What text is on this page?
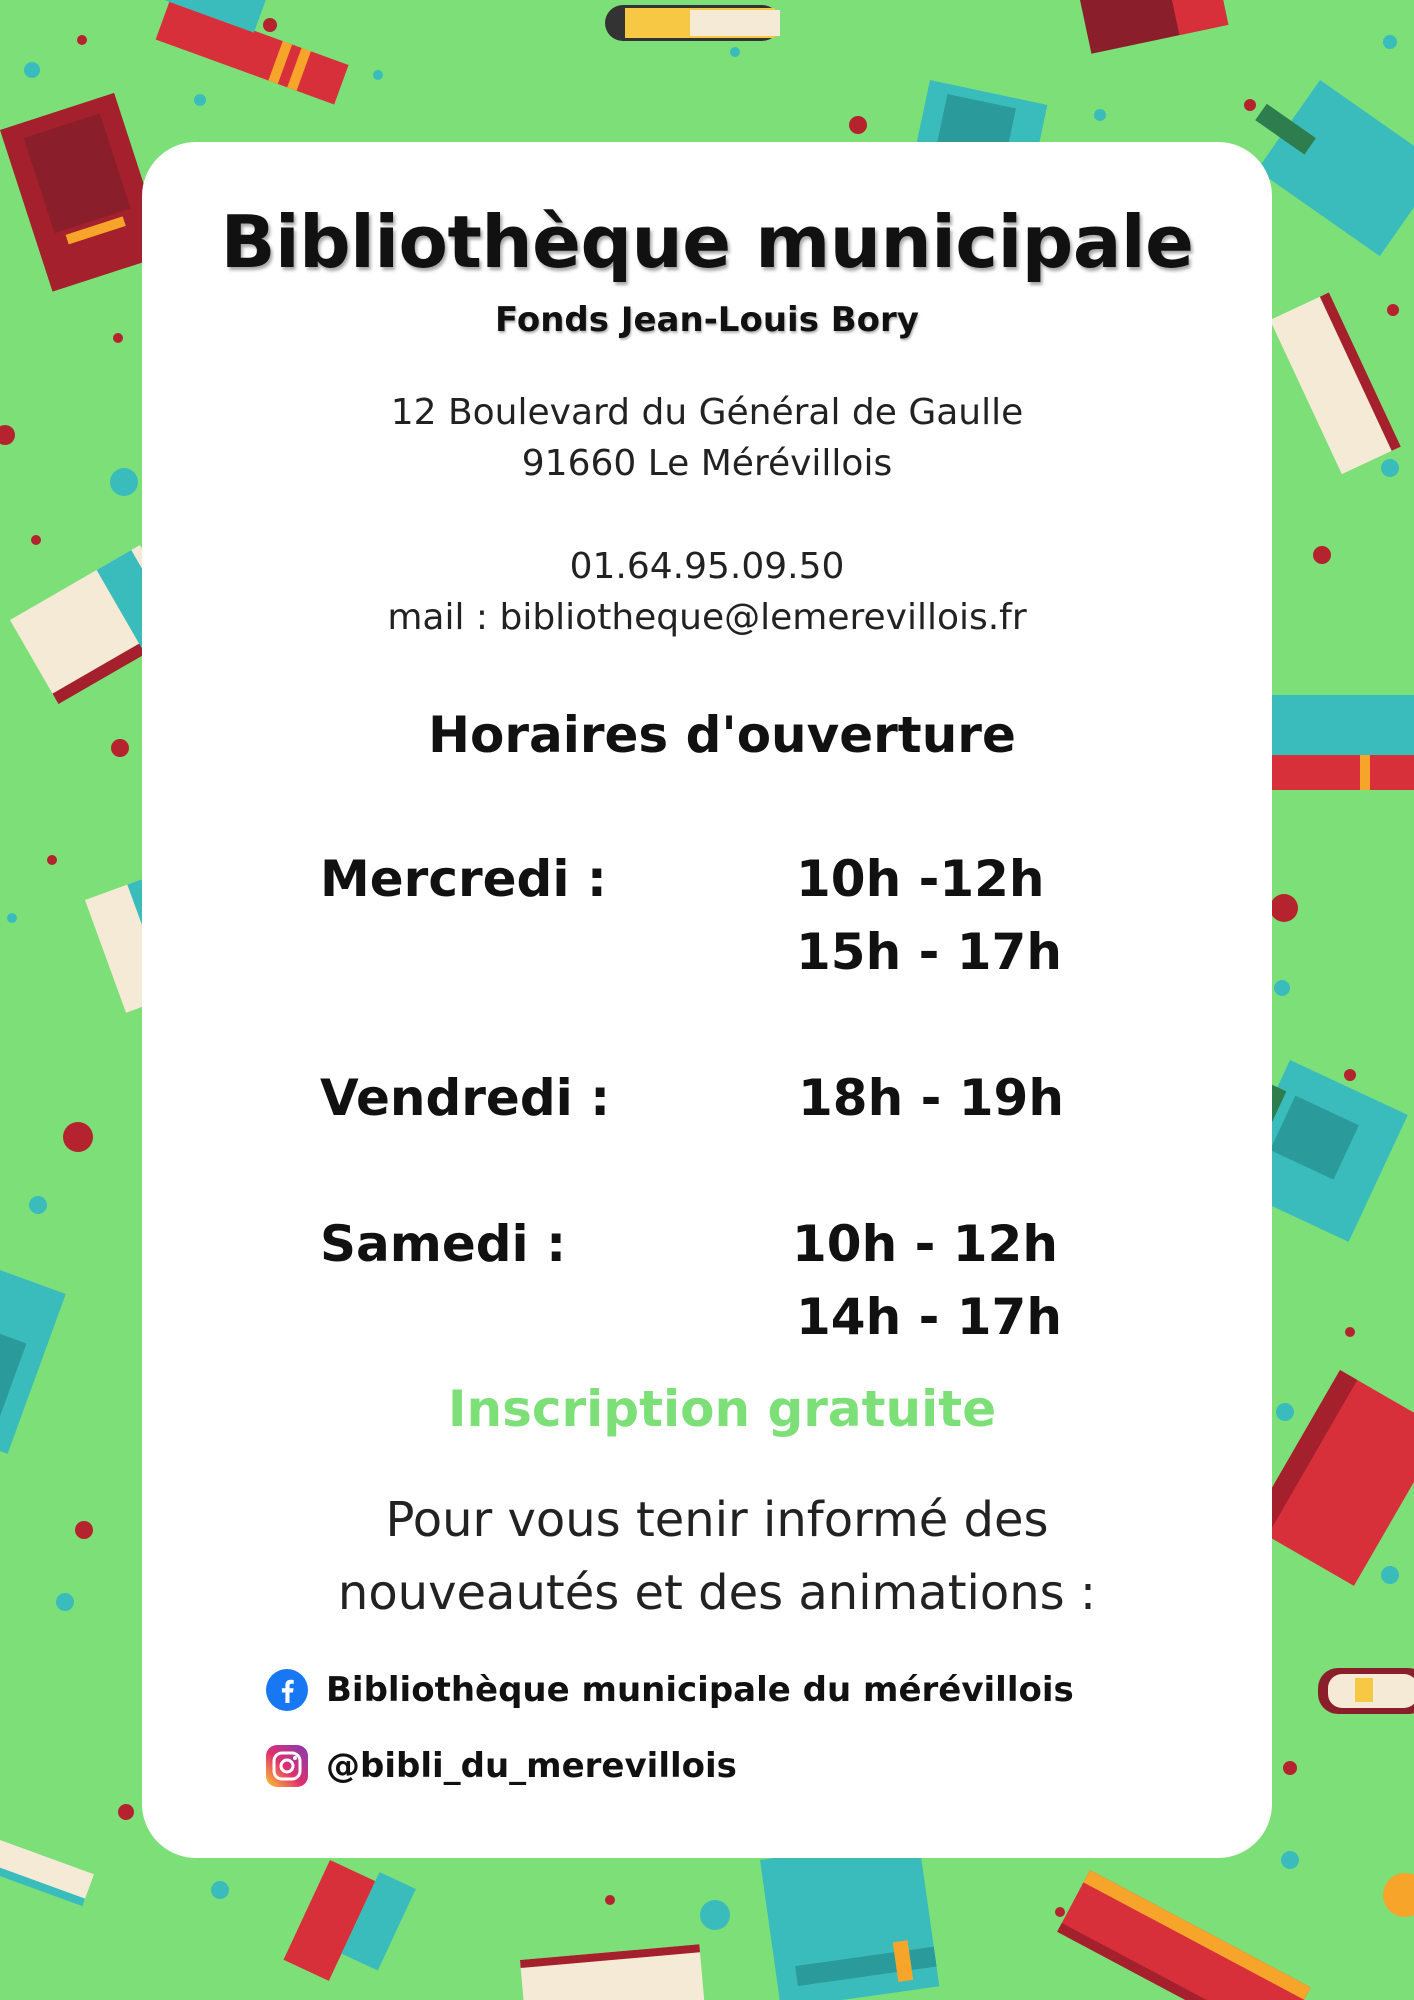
Bibliothèque municipale
Fonds Jean-Louis Bory
12 Boulevard du Général de Gaulle
91660 Le Mérévillois
01.64.95.09.50
mail : bibliotheque@lemerevillois.fr
Horaires d'ouverture
Mercredi :	10h -12h
15h - 17h
Vendredi :	18h - 19h
Samedi :	10h - 12h
14h - 17h
Inscription gratuite
Pour vous tenir informé des
nouveautés et des animations :
Bibliothèque municipale du mérévillois
@bibli_du_merevillois
